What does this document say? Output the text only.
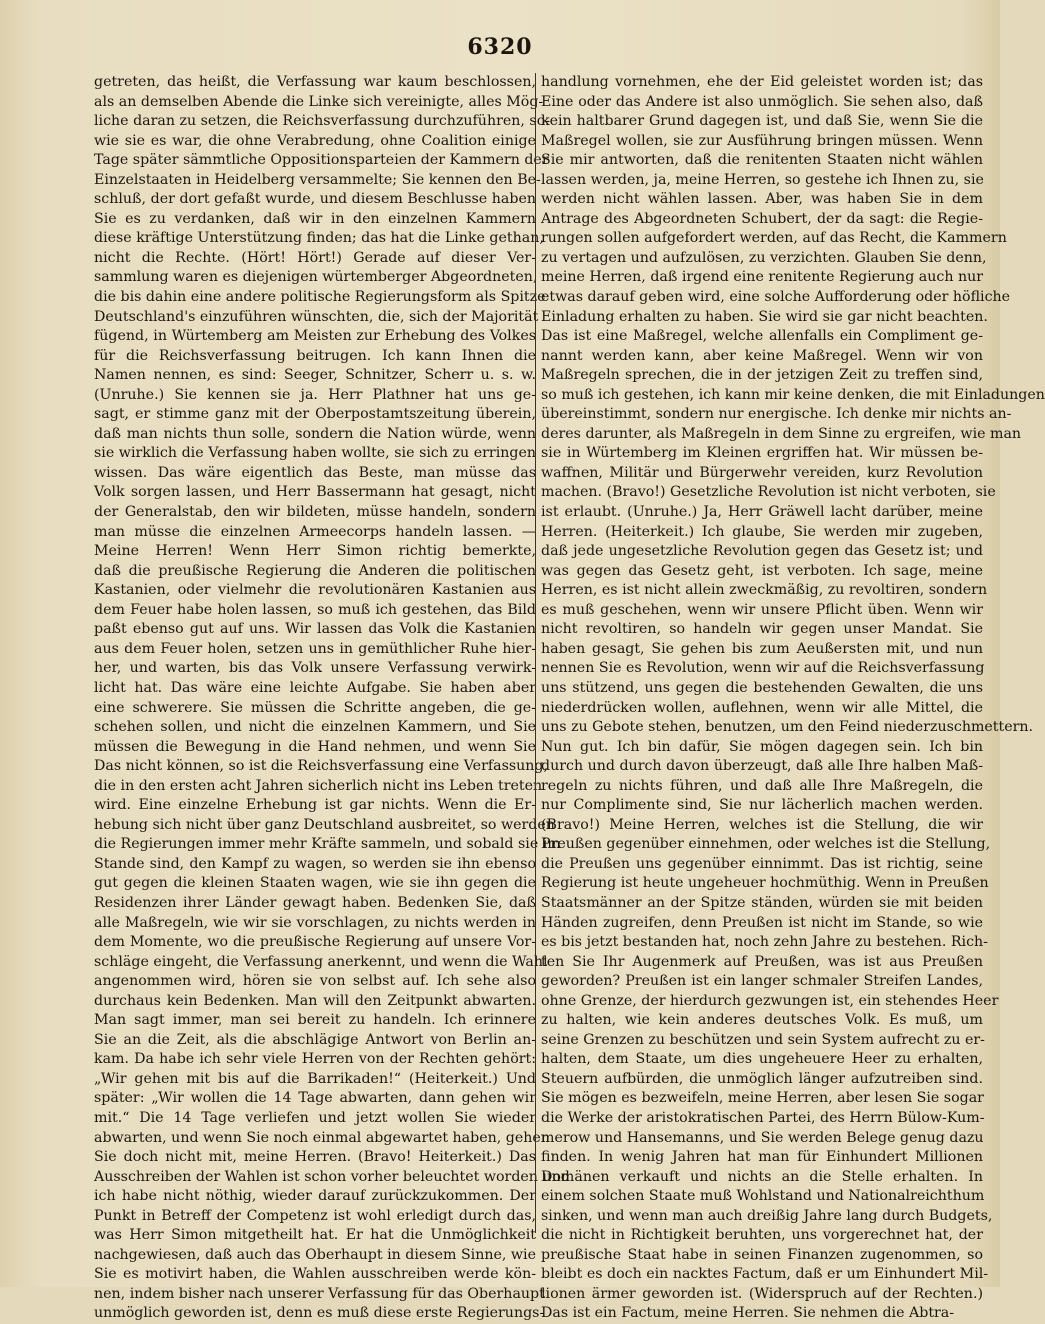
6320
getreten, das heißt, die Verfassung war kaum beschlossen,
als an demselben Abende die Linke sich vereinigte, alles Mög-
liche daran zu setzen, die Reichsverfassung durchzuführen, so-
wie sie es war, die ohne Verabredung, ohne Coalition einige
Tage später sämmtliche Oppositionsparteien der Kammern der
Einzelstaaten in Heidelberg versammelte; Sie kennen den Be-
schluß, der dort gefaßt wurde, und diesem Beschlusse haben
Sie es zu verdanken, daß wir in den einzelnen Kammern
diese kräftige Unterstützung finden; das hat die Linke gethan,
nicht die Rechte. (Hört! Hört!) Gerade auf dieser Ver-
sammlung waren es diejenigen würtemberger Abgeordneten,
die bis dahin eine andere politische Regierungsform als Spitze
Deutschland's einzuführen wünschten, die, sich der Majorität
fügend, in Würtemberg am Meisten zur Erhebung des Volkes
für die Reichsverfassung beitrugen. Ich kann Ihnen die
Namen nennen, es sind: Seeger, Schnitzer, Scherr u. s. w.
(Unruhe.) Sie kennen sie ja. Herr Plathner hat uns ge-
sagt, er stimme ganz mit der Oberpostamtszeitung überein,
daß man nichts thun solle, sondern die Nation würde, wenn
sie wirklich die Verfassung haben wollte, sie sich zu erringen
wissen. Das wäre eigentlich das Beste, man müsse das
Volk sorgen lassen, und Herr Bassermann hat gesagt, nicht
der Generalstab, den wir bildeten, müsse handeln, sondern
man müsse die einzelnen Armeecorps handeln lassen. —
Meine Herren! Wenn Herr Simon richtig bemerkte,
daß die preußische Regierung die Anderen die politischen
Kastanien, oder vielmehr die revolutionären Kastanien aus
dem Feuer habe holen lassen, so muß ich gestehen, das Bild
paßt ebenso gut auf uns. Wir lassen das Volk die Kastanien
aus dem Feuer holen, setzen uns in gemüthlicher Ruhe hier-
her, und warten, bis das Volk unsere Verfassung verwirk-
licht hat. Das wäre eine leichte Aufgabe. Sie haben aber
eine schwerere. Sie müssen die Schritte angeben, die ge-
schehen sollen, und nicht die einzelnen Kammern, und Sie
müssen die Bewegung in die Hand nehmen, und wenn Sie
Das nicht können, so ist die Reichsverfassung eine Verfassung,
die in den ersten acht Jahren sicherlich nicht ins Leben treten
wird. Eine einzelne Erhebung ist gar nichts. Wenn die Er-
hebung sich nicht über ganz Deutschland ausbreitet, so werden
die Regierungen immer mehr Kräfte sammeln, und sobald sie im
Stande sind, den Kampf zu wagen, so werden sie ihn ebenso
gut gegen die kleinen Staaten wagen, wie sie ihn gegen die
Residenzen ihrer Länder gewagt haben. Bedenken Sie, daß
alle Maßregeln, wie wir sie vorschlagen, zu nichts werden in
dem Momente, wo die preußische Regierung auf unsere Vor-
schläge eingeht, die Verfassung anerkennt, und wenn die Wahl
angenommen wird, hören sie von selbst auf. Ich sehe also
durchaus kein Bedenken. Man will den Zeitpunkt abwarten.
Man sagt immer, man sei bereit zu handeln. Ich erinnere
Sie an die Zeit, als die abschlägige Antwort von Berlin an-
kam. Da habe ich sehr viele Herren von der Rechten gehört:
„Wir gehen mit bis auf die Barrikaden!“ (Heiterkeit.) Und
später: „Wir wollen die 14 Tage abwarten, dann gehen wir
mit.“ Die 14 Tage verliefen und jetzt wollen Sie wieder
abwarten, und wenn Sie noch einmal abgewartet haben, gehen
Sie doch nicht mit, meine Herren. (Bravo! Heiterkeit.) Das
Ausschreiben der Wahlen ist schon vorher beleuchtet worden und
ich habe nicht nöthig, wieder darauf zurückzukommen. Der
Punkt in Betreff der Competenz ist wohl erledigt durch das,
was Herr Simon mitgetheilt hat. Er hat die Unmöglichkeit
nachgewiesen, daß auch das Oberhaupt in diesem Sinne, wie
Sie es motivirt haben, die Wahlen ausschreiben werde kön-
nen, indem bisher nach unserer Verfassung für das Oberhaupt
unmöglich geworden ist, denn es muß diese erste Regierungs-
handlung vornehmen, ehe der Eid geleistet worden ist; das
Eine oder das Andere ist also unmöglich. Sie sehen also, daß
kein haltbarer Grund dagegen ist, und daß Sie, wenn Sie die
Maßregel wollen, sie zur Ausführung bringen müssen. Wenn
Sie mir antworten, daß die renitenten Staaten nicht wählen
lassen werden, ja, meine Herren, so gestehe ich Ihnen zu, sie
werden nicht wählen lassen. Aber, was haben Sie in dem
Antrage des Abgeordneten Schubert, der da sagt: die Regie-
rungen sollen aufgefordert werden, auf das Recht, die Kammern
zu vertagen und aufzulösen, zu verzichten. Glauben Sie denn,
meine Herren, daß irgend eine renitente Regierung auch nur
etwas darauf geben wird, eine solche Aufforderung oder höfliche
Einladung erhalten zu haben. Sie wird sie gar nicht beachten.
Das ist eine Maßregel, welche allenfalls ein Compliment ge-
nannt werden kann, aber keine Maßregel. Wenn wir von
Maßregeln sprechen, die in der jetzigen Zeit zu treffen sind,
so muß ich gestehen, ich kann mir keine denken, die mit Einladungen
übereinstimmt, sondern nur energische. Ich denke mir nichts an-
deres darunter, als Maßregeln in dem Sinne zu ergreifen, wie man
sie in Würtemberg im Kleinen ergriffen hat. Wir müssen be-
waffnen, Militär und Bürgerwehr vereiden, kurz Revolution
machen. (Bravo!) Gesetzliche Revolution ist nicht verboten, sie
ist erlaubt. (Unruhe.) Ja, Herr Gräwell lacht darüber, meine
Herren. (Heiterkeit.) Ich glaube, Sie werden mir zugeben,
daß jede ungesetzliche Revolution gegen das Gesetz ist; und
was gegen das Gesetz geht, ist verboten. Ich sage, meine
Herren, es ist nicht allein zweckmäßig, zu revoltiren, sondern
es muß geschehen, wenn wir unsere Pflicht üben. Wenn wir
nicht revoltiren, so handeln wir gegen unser Mandat. Sie
haben gesagt, Sie gehen bis zum Aeußersten mit, und nun
nennen Sie es Revolution, wenn wir auf die Reichsverfassung
uns stützend, uns gegen die bestehenden Gewalten, die uns
niederdrücken wollen, auflehnen, wenn wir alle Mittel, die
uns zu Gebote stehen, benutzen, um den Feind niederzuschmettern.
Nun gut. Ich bin dafür, Sie mögen dagegen sein. Ich bin
durch und durch davon überzeugt, daß alle Ihre halben Maß-
regeln zu nichts führen, und daß alle Ihre Maßregeln, die
nur Complimente sind, Sie nur lächerlich machen werden.
(Bravo!) Meine Herren, welches ist die Stellung, die wir
Preußen gegenüber einnehmen, oder welches ist die Stellung,
die Preußen uns gegenüber einnimmt. Das ist richtig, seine
Regierung ist heute ungeheuer hochmüthig. Wenn in Preußen
Staatsmänner an der Spitze ständen, würden sie mit beiden
Händen zugreifen, denn Preußen ist nicht im Stande, so wie
es bis jetzt bestanden hat, noch zehn Jahre zu bestehen. Rich-
ten Sie Ihr Augenmerk auf Preußen, was ist aus Preußen
geworden? Preußen ist ein langer schmaler Streifen Landes,
ohne Grenze, der hierdurch gezwungen ist, ein stehendes Heer
zu halten, wie kein anderes deutsches Volk. Es muß, um
seine Grenzen zu beschützen und sein System aufrecht zu er-
halten, dem Staate, um dies ungeheuere Heer zu erhalten,
Steuern aufbürden, die unmöglich länger aufzutreiben sind.
Sie mögen es bezweifeln, meine Herren, aber lesen Sie sogar
die Werke der aristokratischen Partei, des Herrn Bülow-Kum-
merow und Hansemanns, und Sie werden Belege genug dazu
finden. In wenig Jahren hat man für Einhundert Millionen
Domänen verkauft und nichts an die Stelle erhalten. In
einem solchen Staate muß Wohlstand und Nationalreichthum
sinken, und wenn man auch dreißig Jahre lang durch Budgets,
die nicht in Richtigkeit beruhten, uns vorgerechnet hat, der
preußische Staat habe in seinen Finanzen zugenommen, so
bleibt es doch ein nacktes Factum, daß er um Einhundert Mil-
lionen ärmer geworden ist. (Widerspruch auf der Rechten.)
Das ist ein Factum, meine Herren. Sie nehmen die Abtra-
